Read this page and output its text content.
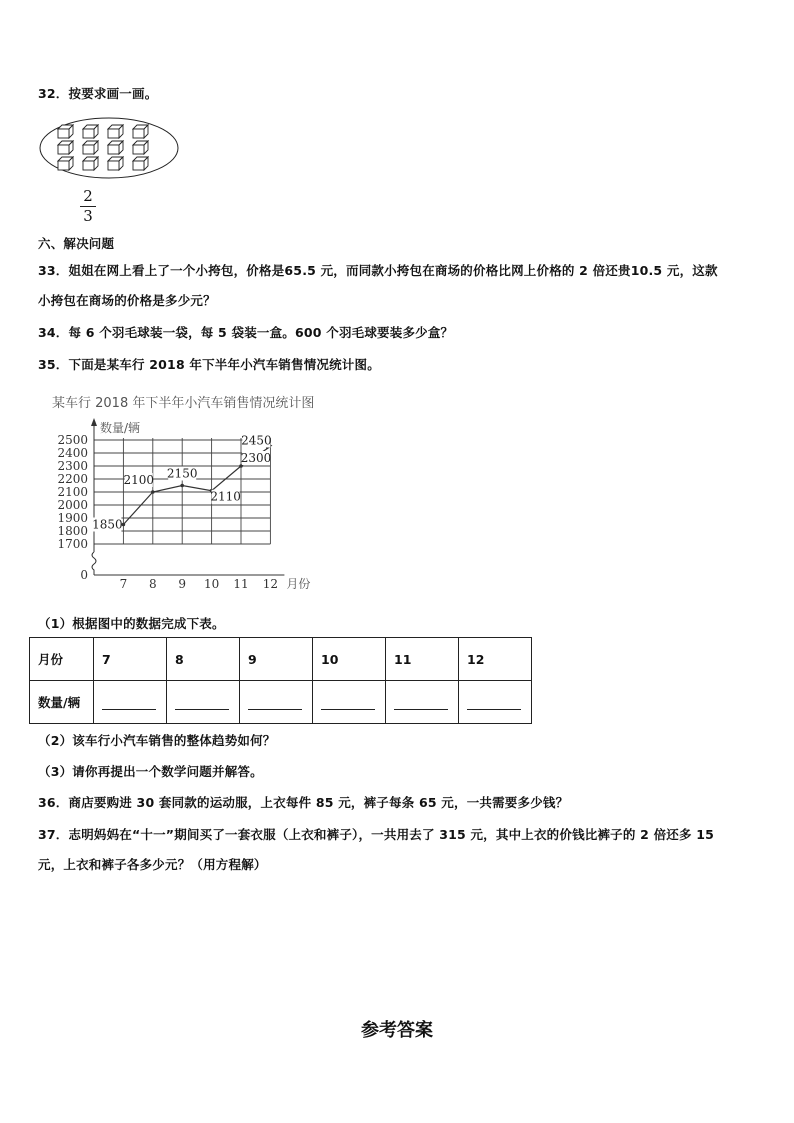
32．按要求画一画。
2
3
六、解决问题
33．姐姐在网上看上了一个小挎包，价格是65.5 元，而同款小挎包在商场的价格比网上价格的 2 倍还贵10.5 元，这款
小挎包在商场的价格是多少元？
34．每 6 个羽毛球装一袋，每 5 袋装一盒。600 个羽毛球要装多少盒？
35．下面是某车行 2018 年下半年小汽车销售情况统计图。
某车行 2018 年下半年小汽车销售情况统计图
2500
2400
2300
2200
2100
2000
1900
1800
1700
7 8 9 10 11 12
0
数量/辆
月份
1850
2100 2150
2110
2300
2450
（1）根据图中的数据完成下表。
月份	7	8	9	10	11	12
数量/辆						
（2）该车行小汽车销售的整体趋势如何？
（3）请你再提出一个数学问题并解答。
36．商店要购进 30 套同款的运动服，上衣每件 85 元，裤子每条 65 元，一共需要多少钱？
37．志明妈妈在“十一”期间买了一套衣服（上衣和裤子），一共用去了 315 元，其中上衣的价钱比裤子的 2 倍还多 15
元，上衣和裤子各多少元？（用方程解）
参考答案
